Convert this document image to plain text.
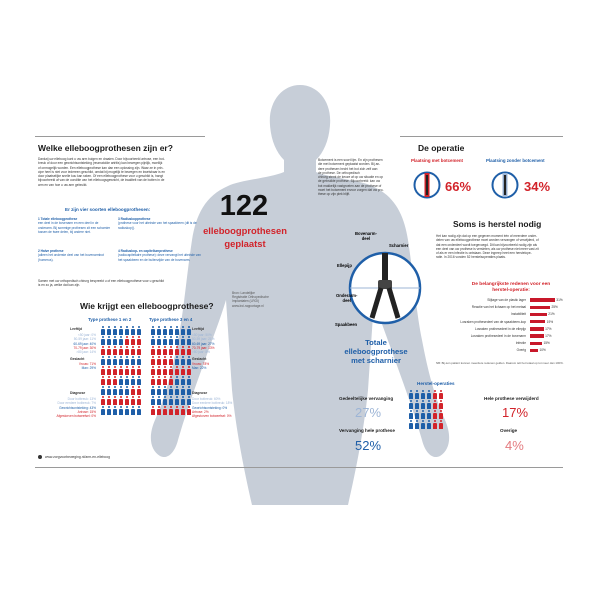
Welke elleboogprothesen zijn er?
Dankzij uw elleboog kunt u uw arm buigen en draaien. Door bijvoorbeeld artrose, een bot-
breuk of door een gewrichtsontsteking (reumatoïde artritis) kan bewegen pijnlijk, moeilijk
of onmogelijk worden. Een elleboogprothese kan dan een oplossing zijn. Waar ze in prin-
cipe heel is niet voor iedereen geschikt, omdat bij mogelijk te bewegen en kwetsbaar is en
door plaatselijke snelle kou kan raken. Of een elleboogprothese voor u geschikt is, hangt
bijvoorbeeld af van de conditie van het elleboogsgewricht, de kwaliteit van de botten in de
arm en van hoe u uw arm gebruikt.
Er zijn vier soorten elleboogprothesen:
1 Totale elleboogprothese
een deel in de bovenarm en een deel in de onderarm. Bij sommige prothesen zit een scharnier tussen de twee delen, bij andere niet.
3 Radiuskopprothese
(prothese voor het uiteinde van het spaakbeen (dit is de radiuskop)).
2 Halve prothese
(alleen het onderste deel van het bovenarmbot (humerus).
4 Radiuskop- en capitellumprothese
(radiocapitellaire prothese): deze vervangt het uiteinde van het spaakbeen en de buitenzijde van de bovenarm.
Samen met uw orthopedisch chirurg bespreekt u of een elleboogprothese voor u geschikt
is en zo ja, welke dat kan zijn.
Wie krijgt een elleboogprothese?
Type prothese 1 en 2	Type prothese 3 en 4
Leeftijd
<50 jaar: 0%
50-59 jaar: 11%
60-69 jaar: 40%
70-79 jaar: 30%
>80 jaar: 14%
Geslacht
Vrouw: 71%
Man: 29%
Diagnose
Door botbreuk: 13%
Door eerdere botbreuk: 7%
Gewrichtsontsteking: 43%
Artrose: 15%
Afgestorven botweefsel: 0%
Leeftijd
<50 jaar: 50%
50-59 jaar: 21%
60-69 jaar: 27%
70-79 jaar: 13%
>80 jaar: 8%
Geslacht
Vrouw: 78%
Man: 22%
Diagnose
Door botbreuk: 60%
Door eerdere botbreuk: 18%
Gewrichtsontsteking: 0%
Artrose: 2%
Afgestorven botweefsel: 0%
Bron: Landelijke
Registratie Orthopedische
Implantaten (LROI)
www.lroi-rapportage.nl
www.zorgvoorbeweging.nl/arm-en-elleboog
122
elleboogprothesen
geplaatst
Botcement is een soort lijm. En zijn prothesen
die met botcement geplaatst worden. Bij an-
dere prothesen hecht het bot zich zelf aan
de prothese. De orthopedisch
chirurg stemt de keuze af op uw situatie en op
de gebruikte prothese. Bijvoorbeeld: kan uw
bot makkelijk vastgroeien aan de prothese of
moet het botcement ervoor zorgen dat uw pro-
these op zijn plek blijft.
Bovenarm-
deel
Scharnier
Ellepijp
Onderarm-
deel
Spaakbeen
Totale
elleboogprothese
met scharnier
De operatie
Plaatsing met botcement	Plaatsing zonder botcement
66%	34%
Soms is herstel nodig
Het kan nodig zijn dat op een gegeven moment één of meerdere onder-
delen van uw elleboogprothese moet worden vervangen of verwijderd, of
dat een onderdeel wordt toegevoegd. Dit kan bijvoorbeeld nodig zijn als
een deel van uw prothese is versleten, als uw prothese niet meer vast zit
of als er een infectie is ontstaan. Deze ingreep heet een herstelope-
ratie. In 2016 vonden 52 herstelsoperaties plaats.
De belangrijkste redenen voor een
herstel-operatie:
Slijtage van de plastic lager	31%
Reactie van het lichaam op het metaal	25%
Instabiliteit	21%
Losraken prothesedeel van de spaakbeen-kop	19%
Losraken prothesedeel in de ellepijp	17%
Losraken prothesedeel in de bovenarm	17%
Infectie	15%
Overig	10%
NB: Bij één patiënt kunnen meerdere redenen gelden. Daarom telt het totaal op tot meer dan 100%.
Herstel-operaties
Gedeeltelijke vervanging
27%
Vervanging hele prothese
52%
Hele prothese verwijderd
17%
Overige
4%
